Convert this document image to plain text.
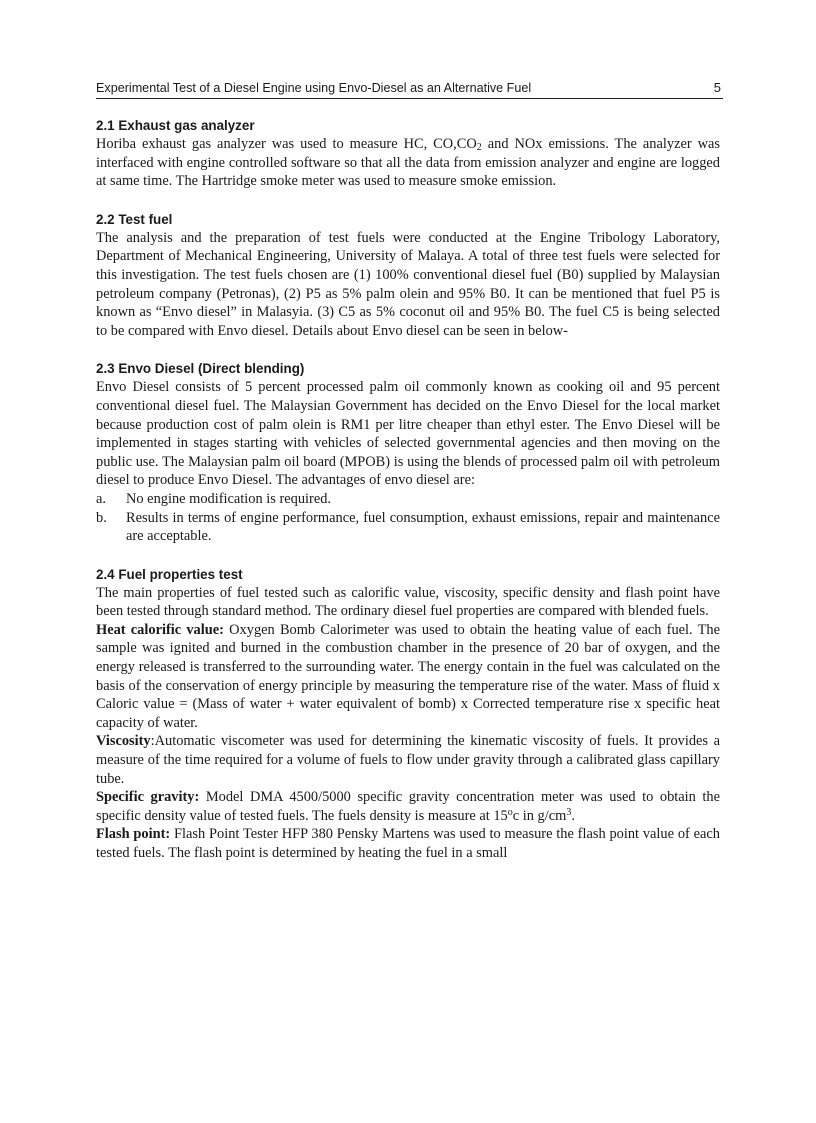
Experimental Test of a Diesel Engine using Envo-Diesel as an Alternative Fuel	5
2.1 Exhaust gas analyzer

Horiba exhaust gas analyzer was used to measure HC, $CO,CO_2$ and NOx emissions. The analyzer was interfaced with engine controlled software so that all the data from emission analyzer and engine are logged at same time. The Hartridge smoke meter was used to measure smoke emission.

2.2 Test fuel

The analysis and the preparation of test fuels were conducted at the Engine Tribology Laboratory, Department of Mechanical Engineering, University of Malaya. A total of three test fuels were selected for this investigation. The test fuels chosen are (1) 100% conventional diesel fuel (B0) supplied by Malaysian petroleum company (Petronas), (2) P5 as 5% palm olein and 95% B0. It can be mentioned that fuel P5 is known as “Envo diesel” in Malasyia. (3) C5 as 5% coconut oil and 95% B0. The fuel C5 is being selected to be compared with Envo diesel. Details about Envo diesel can be seen in below-

2.3 Envo Diesel (Direct blending)

Envo Diesel consists of 5 percent processed palm oil commonly known as cooking oil and 95 percent conventional diesel fuel. The Malaysian Government has decided on the Envo Diesel for the local market because production cost of palm olein is RM1 per litre cheaper than ethyl ester. The Envo Diesel will be implemented in stages starting with vehicles of selected governmental agencies and then moving on the public use. The Malaysian palm oil board (MPOB) is using the blends of processed palm oil with petroleum diesel to produce Envo Diesel. The advantages of envo diesel are:

a.	No engine modification is required.
b.	Results in terms of engine performance, fuel consumption, exhaust emissions, repair and maintenance are acceptable.
2.4 Fuel properties test

The main properties of fuel tested such as calorific value, viscosity, specific density and flash point have been tested through standard method. The ordinary diesel fuel properties are compared with blended fuels.

Heat calorific value: Oxygen Bomb Calorimeter was used to obtain the heating value of each fuel. The sample was ignited and burned in the combustion chamber in the presence of 20 bar of oxygen, and the energy released is transferred to the surrounding water. The energy contain in the fuel was calculated on the basis of the conservation of energy principle by measuring the temperature rise of the water. Mass of fluid x Caloric value = (Mass of water + water equivalent of bomb) x Corrected temperature rise x specific heat capacity of water.

Viscosity:Automatic viscometer was used for determining the kinematic viscosity of fuels. It provides a measure of the time required for a volume of fuels to flow under gravity through a calibrated glass capillary tube.

Specific gravity: Model DMA 4500/5000 specific gravity concentration meter was used to obtain the specific density value of tested fuels. The fuels density is measure at 15$^o$c in $g/cm^3$.

Flash point: Flash Point Tester HFP 380 Pensky Martens was used to measure the flash point value of each tested fuels. The flash point is determined by heating the fuel in a small
